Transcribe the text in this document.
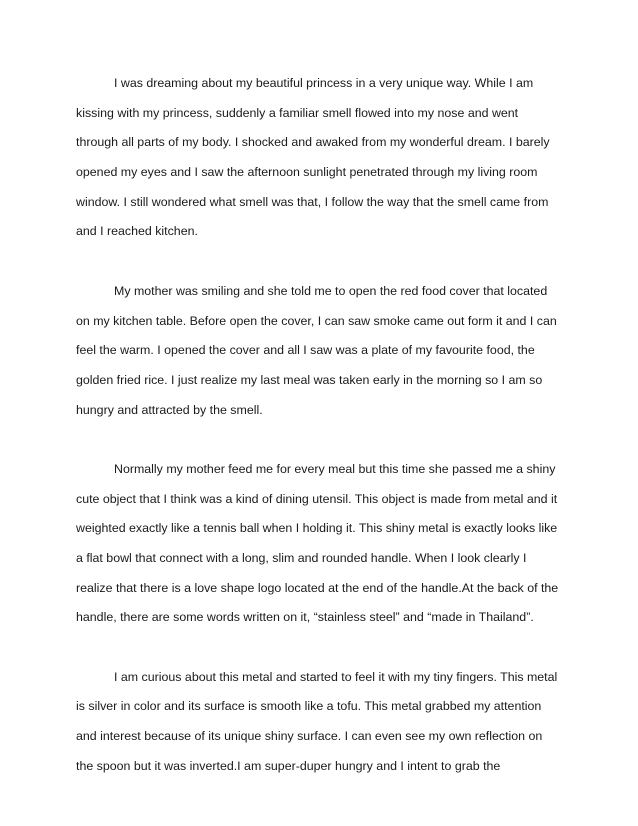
I was dreaming about my beautiful princess in a very unique way. While I am
kissing with my princess, suddenly a familiar smell flowed into my nose and went
through all parts of my body. I shocked and awaked from my wonderful dream. I barely
opened my eyes and I saw the afternoon sunlight penetrated through my living room
window. I still wondered what smell was that, I follow the way that the smell came from
and I reached kitchen.
My mother was smiling and she told me to open the red food cover that located
on my kitchen table. Before open the cover, I can saw smoke came out form it and I can
feel the warm. I opened the cover and all I saw was a plate of my favourite food, the
golden fried rice. I just realize my last meal was taken early in the morning so I am so
hungry and attracted by the smell.
Normally my mother feed me for every meal but this time she passed me a shiny
cute object that I think was a kind of dining utensil. This object is made from metal and it
weighted exactly like a tennis ball when I holding it. This shiny metal is exactly looks like
a flat bowl that connect with a long, slim and rounded handle. When I look clearly I
realize that there is a love shape logo located at the end of the handle.At the back of the
handle, there are some words written on it, “stainless steel” and “made in Thailand”.
I am curious about this metal and started to feel it with my tiny fingers. This metal
is silver in color and its surface is smooth like a tofu. This metal grabbed my attention
and interest because of its unique shiny surface. I can even see my own reflection on
the spoon but it was inverted.I am super-duper hungry and I intent to grab the
